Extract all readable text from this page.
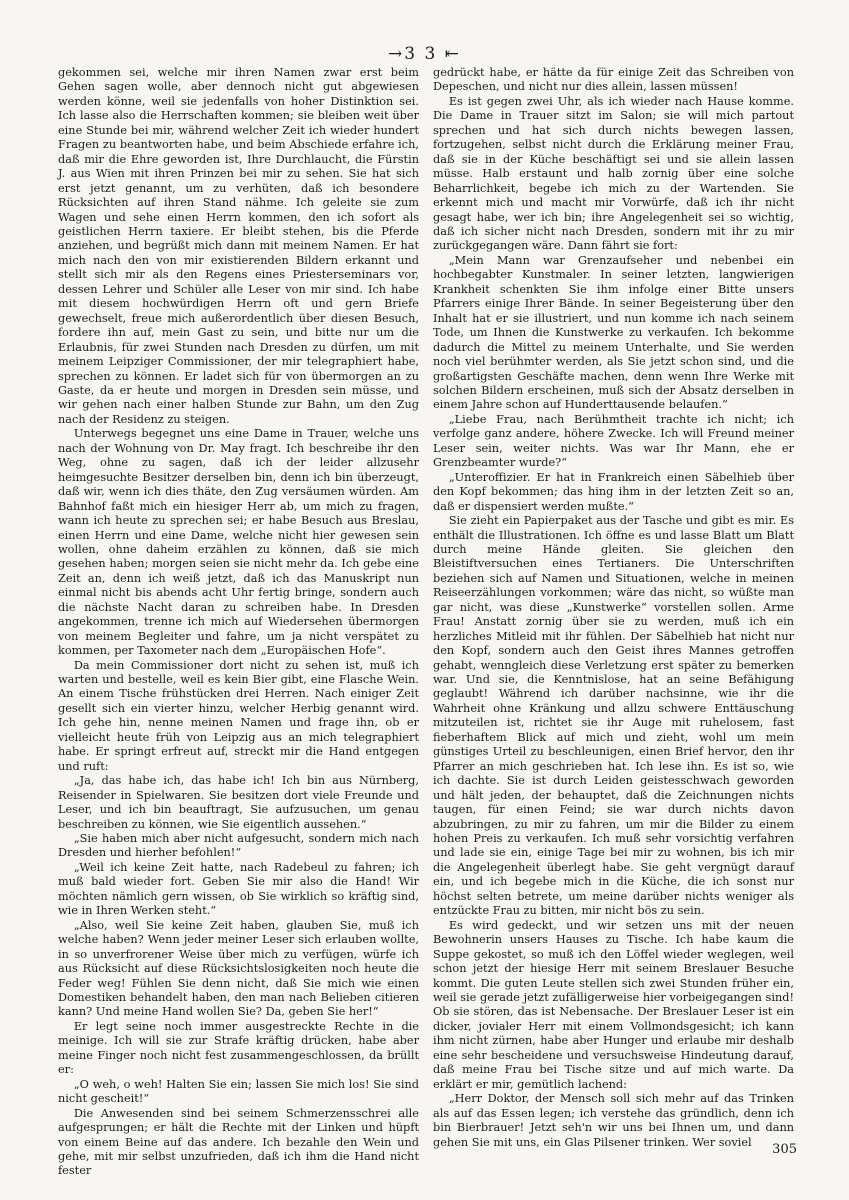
→3 3 ⇤

gekommen sei, welche mir ihren Namen zwar erst beim Gehen sagen wolle, aber dennoch nicht gut abgewiesen werden könne, weil sie jedenfalls von hoher Distinktion sei. Ich lasse also die Herrschaften kommen; sie bleiben weit über eine Stunde bei mir, während welcher Zeit ich wieder hundert Fragen zu beantworten habe, und beim Abschiede erfahre ich, daß mir die Ehre geworden ist, Ihre Durchlaucht, die Fürstin J. aus Wien mit ihren Prinzen bei mir zu sehen. Sie hat sich erst jetzt genannt, um zu verhüten, daß ich besondere Rücksichten auf ihren Stand nähme. Ich geleite sie zum Wagen und sehe einen Herrn kommen, den ich sofort als geistlichen Herrn taxiere. Er bleibt stehen, bis die Pferde anziehen, und begrüßt mich dann mit meinem Namen. Er hat mich nach den von mir existierenden Bildern erkannt und stellt sich mir als den Regens eines Priesterseminars vor, dessen Lehrer und Schüler alle Leser von mir sind. Ich habe mit diesem hochwürdigen Herrn oft und gern Briefe gewechselt, freue mich außerordentlich über diesen Besuch, fordere ihn auf, mein Gast zu sein, und bitte nur um die Erlaubnis, für zwei Stunden nach Dresden zu dürfen, um mit meinem Leipziger Commissioner, der mir telegraphiert habe, sprechen zu können. Er ladet sich für von übermorgen an zu Gaste, da er heute und morgen in Dresden sein müsse, und wir gehen nach einer halben Stunde zur Bahn, um den Zug nach der Residenz zu steigen.

Unterwegs begegnet uns eine Dame in Trauer, welche uns nach der Wohnung von Dr. May fragt. Ich beschreibe ihr den Weg, ohne zu sagen, daß ich der leider allzusehr heimgesuchte Besitzer derselben bin, denn ich bin überzeugt, daß wir, wenn ich dies thäte, den Zug versäumen würden. Am Bahnhof faßt mich ein hiesiger Herr ab, um mich zu fragen, wann ich heute zu sprechen sei; er habe Besuch aus Breslau, einen Herrn und eine Dame, welche nicht hier gewesen sein wollen, ohne daheim erzählen zu können, daß sie mich gesehen haben; morgen seien sie nicht mehr da. Ich gebe eine Zeit an, denn ich weiß jetzt, daß ich das Manuskript nun einmal nicht bis abends acht Uhr fertig bringe, sondern auch die nächste Nacht daran zu schreiben habe. In Dresden angekommen, trenne ich mich auf Wiedersehen übermorgen von meinem Begleiter und fahre, um ja nicht verspätet zu kommen, per Taxometer nach dem „Europäischen Hofe“.

Da mein Commissioner dort nicht zu sehen ist, muß ich warten und bestelle, weil es kein Bier gibt, eine Flasche Wein. An einem Tische frühstücken drei Herren. Nach einiger Zeit gesellt sich ein vierter hinzu, welcher Herbig genannt wird. Ich gehe hin, nenne meinen Namen und frage ihn, ob er vielleicht heute früh von Leipzig aus an mich telegraphiert habe. Er springt erfreut auf, streckt mir die Hand entgegen und ruft:

„Ja, das habe ich, das habe ich! Ich bin aus Nürnberg, Reisender in Spielwaren. Sie besitzen dort viele Freunde und Leser, und ich bin beauftragt, Sie aufzusuchen, um genau beschreiben zu können, wie Sie eigentlich aussehen.“

„Sie haben mich aber nicht aufgesucht, sondern mich nach Dresden und hierher befohlen!“

„Weil ich keine Zeit hatte, nach Radebeul zu fahren; ich muß bald wieder fort. Geben Sie mir also die Hand! Wir möchten nämlich gern wissen, ob Sie wirklich so kräftig sind, wie in Ihren Werken steht.“

„Also, weil Sie keine Zeit haben, glauben Sie, muß ich welche haben? Wenn jeder meiner Leser sich erlauben wollte, in so unverfrorener Weise über mich zu verfügen, würfe ich aus Rücksicht auf diese Rücksichtslosigkeiten noch heute die Feder weg! Fühlen Sie denn nicht, daß Sie mich wie einen Domestiken behandelt haben, den man nach Belieben citieren kann? Und meine Hand wollen Sie? Da, geben Sie her!“

Er legt seine noch immer ausgestreckte Rechte in die meinige. Ich will sie zur Strafe kräftig drücken, habe aber meine Finger noch nicht fest zusammengeschlossen, da brüllt er:

„O weh, o weh! Halten Sie ein; lassen Sie mich los! Sie sind nicht gescheit!“

Die Anwesenden sind bei seinem Schmerzensschrei alle aufgesprungen; er hält die Rechte mit der Linken und hüpft von einem Beine auf das andere. Ich bezahle den Wein und gehe, mit mir selbst unzufrieden, daß ich ihm die Hand nicht fester

gedrückt habe, er hätte da für einige Zeit das Schreiben von Depeschen, und nicht nur dies allein, lassen müssen!

Es ist gegen zwei Uhr, als ich wieder nach Hause komme. Die Dame in Trauer sitzt im Salon; sie will mich partout sprechen und hat sich durch nichts bewegen lassen, fortzugehen, selbst nicht durch die Erklärung meiner Frau, daß sie in der Küche beschäftigt sei und sie allein lassen müsse. Halb erstaunt und halb zornig über eine solche Beharrlichkeit, begebe ich mich zu der Wartenden. Sie erkennt mich und macht mir Vorwürfe, daß ich ihr nicht gesagt habe, wer ich bin; ihre Angelegenheit sei so wichtig, daß ich sicher nicht nach Dresden, sondern mit ihr zu mir zurückgegangen wäre. Dann fährt sie fort:

„Mein Mann war Grenzaufseher und nebenbei ein hochbegabter Kunstmaler. In seiner letzten, langwierigen Krankheit schenkten Sie ihm infolge einer Bitte unsers Pfarrers einige Ihrer Bände. In seiner Begeisterung über den Inhalt hat er sie illustriert, und nun komme ich nach seinem Tode, um Ihnen die Kunstwerke zu verkaufen. Ich bekomme dadurch die Mittel zu meinem Unterhalte, und Sie werden noch viel berühmter werden, als Sie jetzt schon sind, und die großartigsten Geschäfte machen, denn wenn Ihre Werke mit solchen Bildern erscheinen, muß sich der Absatz derselben in einem Jahre schon auf Hunderttausende belaufen.“

„Liebe Frau, nach Berühmtheit trachte ich nicht; ich verfolge ganz andere, höhere Zwecke. Ich will Freund meiner Leser sein, weiter nichts. Was war Ihr Mann, ehe er Grenzbeamter wurde?“

„Unteroffizier. Er hat in Frankreich einen Säbelhieb über den Kopf bekommen; das hing ihm in der letzten Zeit so an, daß er dispensiert werden mußte.“

Sie zieht ein Papierpaket aus der Tasche und gibt es mir. Es enthält die Illustrationen. Ich öffne es und lasse Blatt um Blatt durch meine Hände gleiten. Sie gleichen den Bleistiftversuchen eines Tertianers. Die Unterschriften beziehen sich auf Namen und Situationen, welche in meinen Reiseerzählungen vorkommen; wäre das nicht, so wüßte man gar nicht, was diese „Kunstwerke“ vorstellen sollen. Arme Frau! Anstatt zornig über sie zu werden, muß ich ein herzliches Mitleid mit ihr fühlen. Der Säbelhieb hat nicht nur den Kopf, sondern auch den Geist ihres Mannes getroffen gehabt, wenngleich diese Verletzung erst später zu bemerken war. Und sie, die Kenntnislose, hat an seine Befähigung geglaubt! Während ich darüber nachsinne, wie ihr die Wahrheit ohne Kränkung und allzu schwere Enttäuschung mitzuteilen ist, richtet sie ihr Auge mit ruhelosem, fast fieberhaftem Blick auf mich und zieht, wohl um mein günstiges Urteil zu beschleunigen, einen Brief hervor, den ihr Pfarrer an mich geschrieben hat. Ich lese ihn. Es ist so, wie ich dachte. Sie ist durch Leiden geistesschwach geworden und hält jeden, der behauptet, daß die Zeichnungen nichts taugen, für einen Feind; sie war durch nichts davon abzubringen, zu mir zu fahren, um mir die Bilder zu einem hohen Preis zu verkaufen. Ich muß sehr vorsichtig verfahren und lade sie ein, einige Tage bei mir zu wohnen, bis ich mir die Angelegenheit überlegt habe. Sie geht vergnügt darauf ein, und ich begebe mich in die Küche, die ich sonst nur höchst selten betrete, um meine darüber nichts weniger als entzückte Frau zu bitten, mir nicht bös zu sein.

Es wird gedeckt, und wir setzen uns mit der neuen Bewohnerin unsers Hauses zu Tische. Ich habe kaum die Suppe gekostet, so muß ich den Löffel wieder weglegen, weil schon jetzt der hiesige Herr mit seinem Breslauer Besuche kommt. Die guten Leute stellen sich zwei Stunden früher ein, weil sie gerade jetzt zufälligerweise hier vorbeigegangen sind! Ob sie stören, das ist Nebensache. Der Breslauer Leser ist ein dicker, jovialer Herr mit einem Vollmondsgesicht; ich kann ihm nicht zürnen, habe aber Hunger und erlaube mir deshalb eine sehr bescheidene und versuchsweise Hindeutung darauf, daß meine Frau bei Tische sitze und auf mich warte. Da erklärt er mir, gemütlich lachend:

„Herr Doktor, der Mensch soll sich mehr auf das Trinken als auf das Essen legen; ich verstehe das gründlich, denn ich bin Bierbrauer! Jetzt seh'n wir uns bei Ihnen um, und dann gehen Sie mit uns, ein Glas Pilsener trinken. Wer soviel	305
